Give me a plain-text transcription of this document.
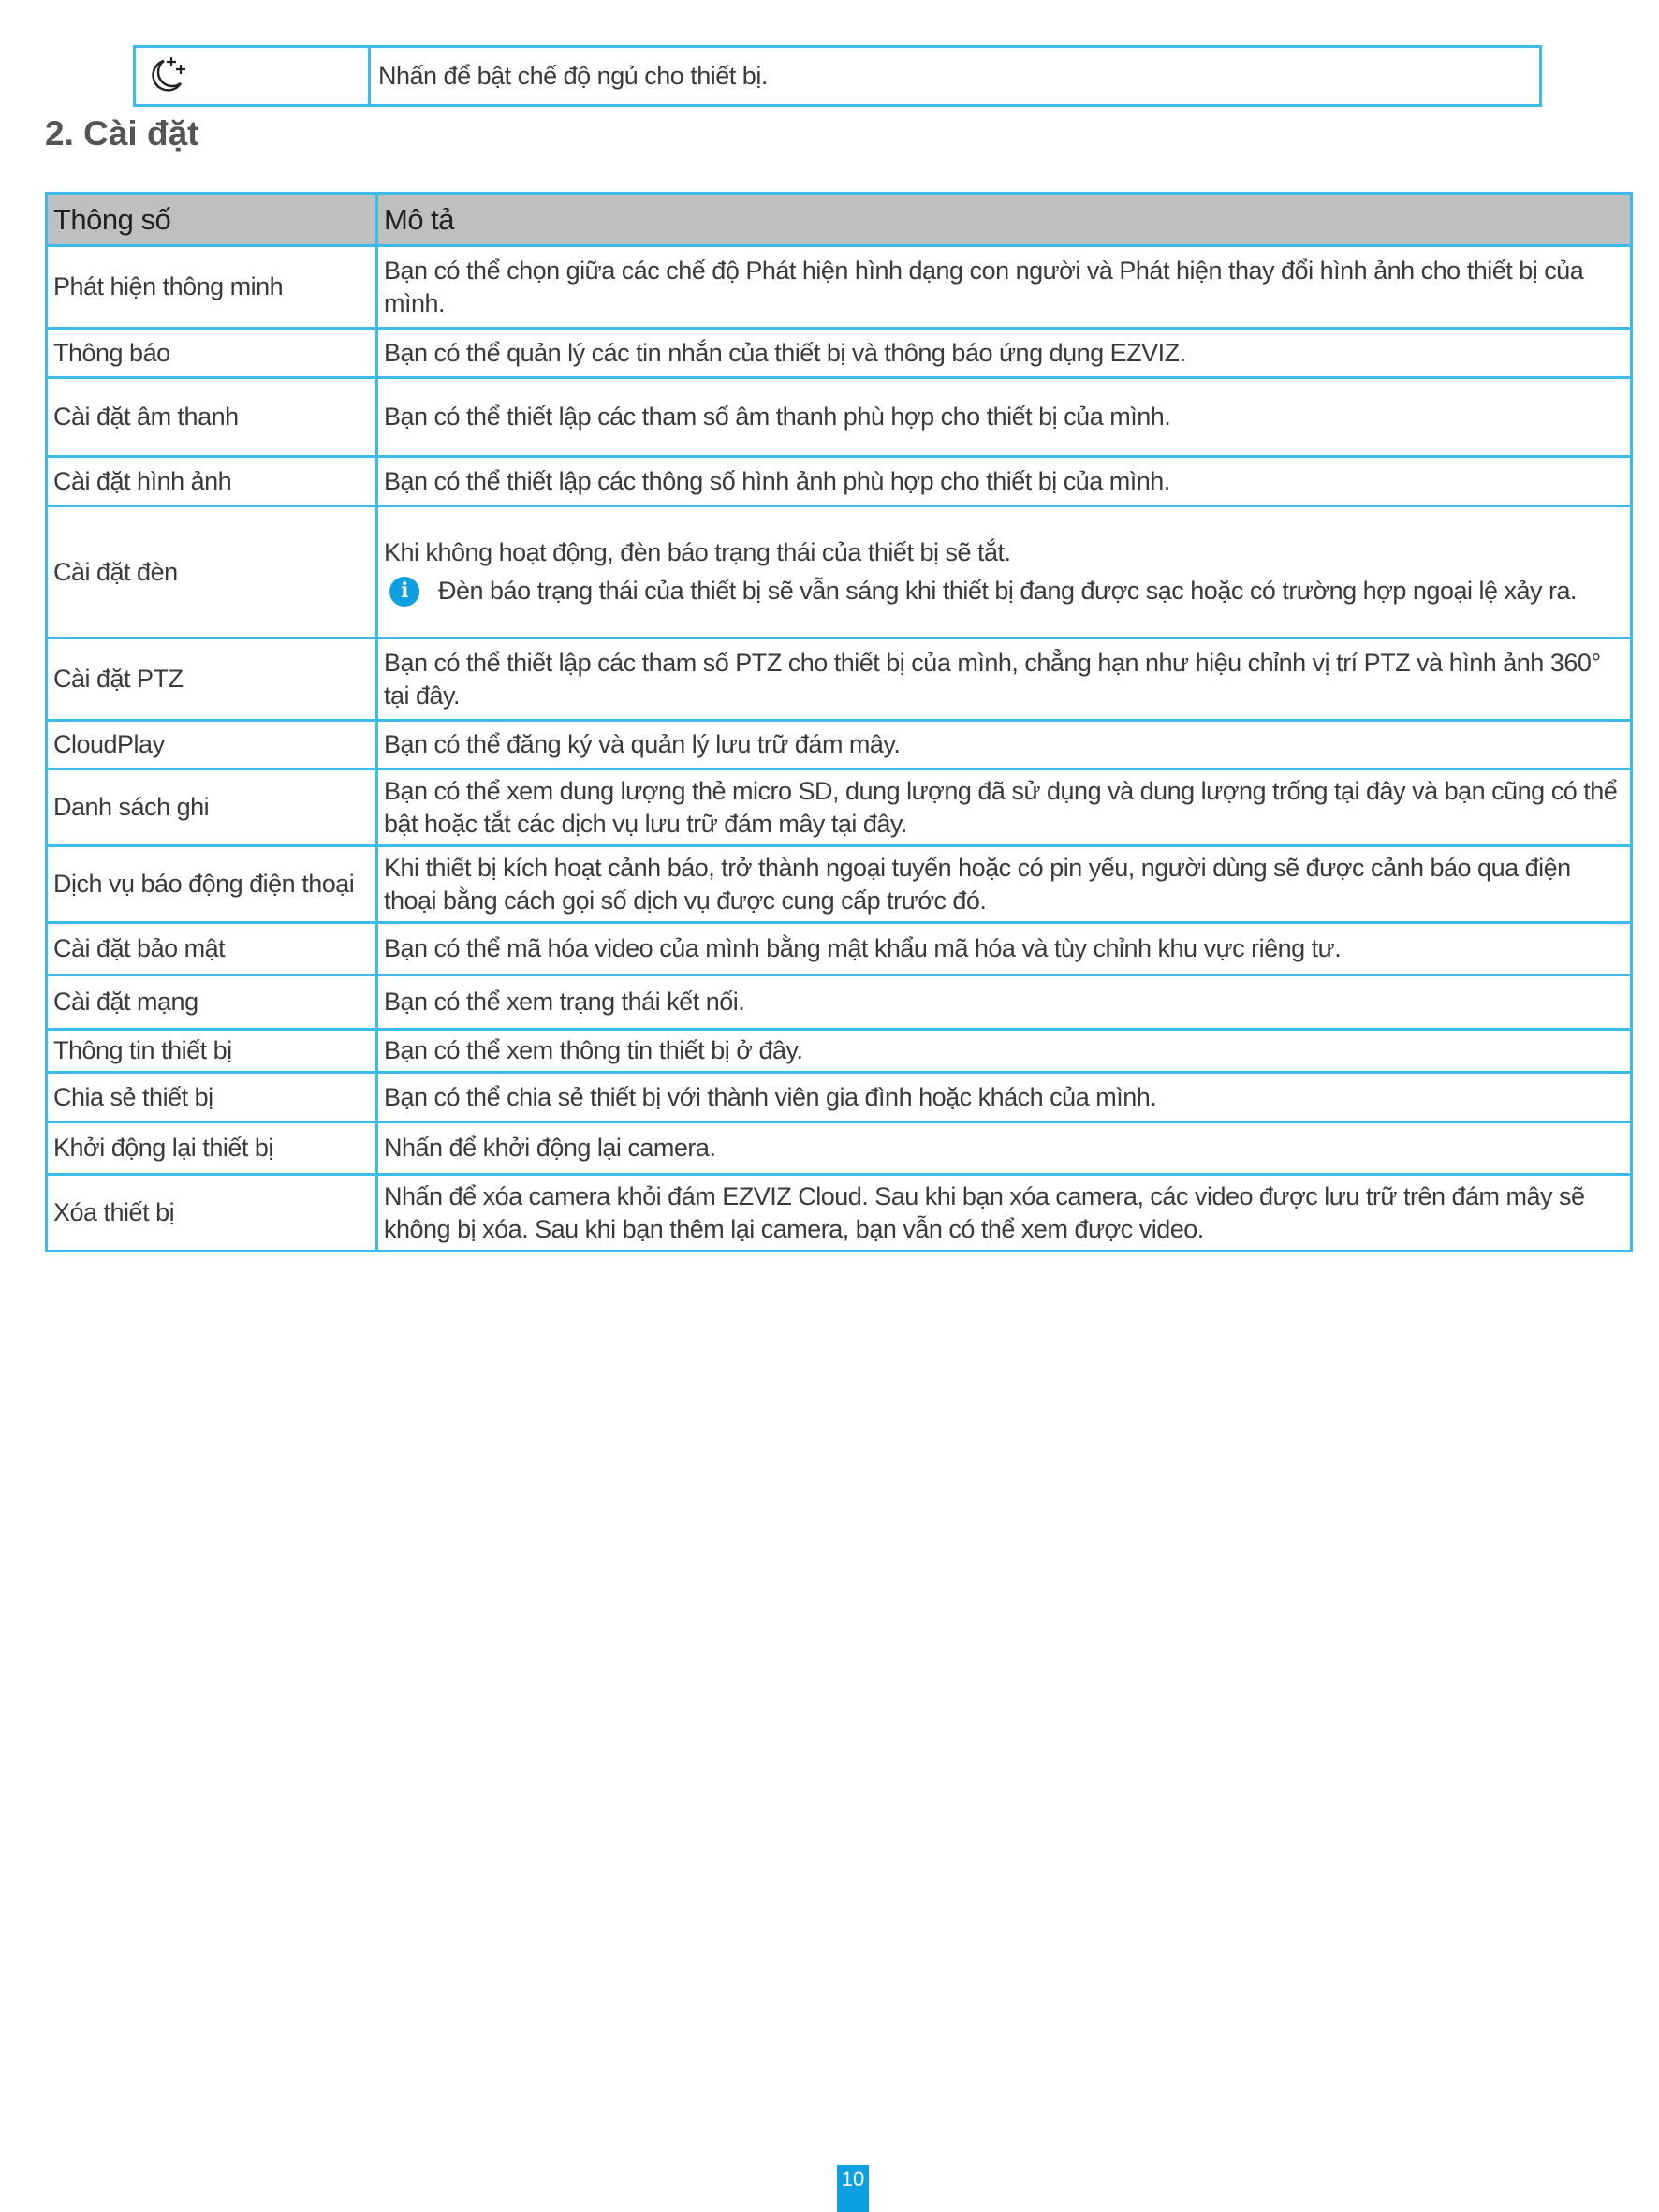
Nhấn để bật chế độ ngủ cho thiết bị.
2. Cài đặt
Thông số	Mô tả
Phát hiện thông minh	Bạn có thể chọn giữa các chế độ Phát hiện hình dạng con người và Phát hiện thay đổi hình ảnh cho thiết bị của mình.

Thông báo	Bạn có thể quản lý các tin nhắn của thiết bị và thông báo ứng dụng EZVIZ.

Cài đặt âm thanh	Bạn có thể thiết lập các tham số âm thanh phù hợp cho thiết bị của mình.

Cài đặt hình ảnh	Bạn có thể thiết lập các thông số hình ảnh phù hợp cho thiết bị của mình.

Cài đặt đèn	Khi không hoạt động, đèn báo trạng thái của thiết bị sẽ tắt.
i Đèn báo trạng thái của thiết bị sẽ vẫn sáng khi thiết bị đang được sạc hoặc có trường hợp ngoại lệ xảy ra.

Cài đặt PTZ	Bạn có thể thiết lập các tham số PTZ cho thiết bị của mình, chẳng hạn như hiệu chỉnh vị trí PTZ và hình ảnh 360° tại đây.

CloudPlay	Bạn có thể đăng ký và quản lý lưu trữ đám mây.

Danh sách ghi	Bạn có thể xem dung lượng thẻ micro SD, dung lượng đã sử dụng và dung lượng trống tại đây và bạn cũng có thể bật hoặc tắt các dịch vụ lưu trữ đám mây tại đây.

Dịch vụ báo động điện thoại	Khi thiết bị kích hoạt cảnh báo, trở thành ngoại tuyến hoặc có pin yếu, người dùng sẽ được cảnh báo qua điện thoại bằng cách gọi số dịch vụ được cung cấp trước đó.

Cài đặt bảo mật	Bạn có thể mã hóa video của mình bằng mật khẩu mã hóa và tùy chỉnh khu vực riêng tư.

Cài đặt mạng	Bạn có thể xem trạng thái kết nối.

Thông tin thiết bị	Bạn có thể xem thông tin thiết bị ở đây.

Chia sẻ thiết bị	Bạn có thể chia sẻ thiết bị với thành viên gia đình hoặc khách của mình.

Khởi động lại thiết bị	Nhấn để khởi động lại camera.

Xóa thiết bị	Nhấn để xóa camera khỏi đám EZVIZ Cloud. Sau khi bạn xóa camera, các video được lưu trữ trên đám mây sẽ không bị xóa. Sau khi bạn thêm lại camera, bạn vẫn có thể xem được video.
10
